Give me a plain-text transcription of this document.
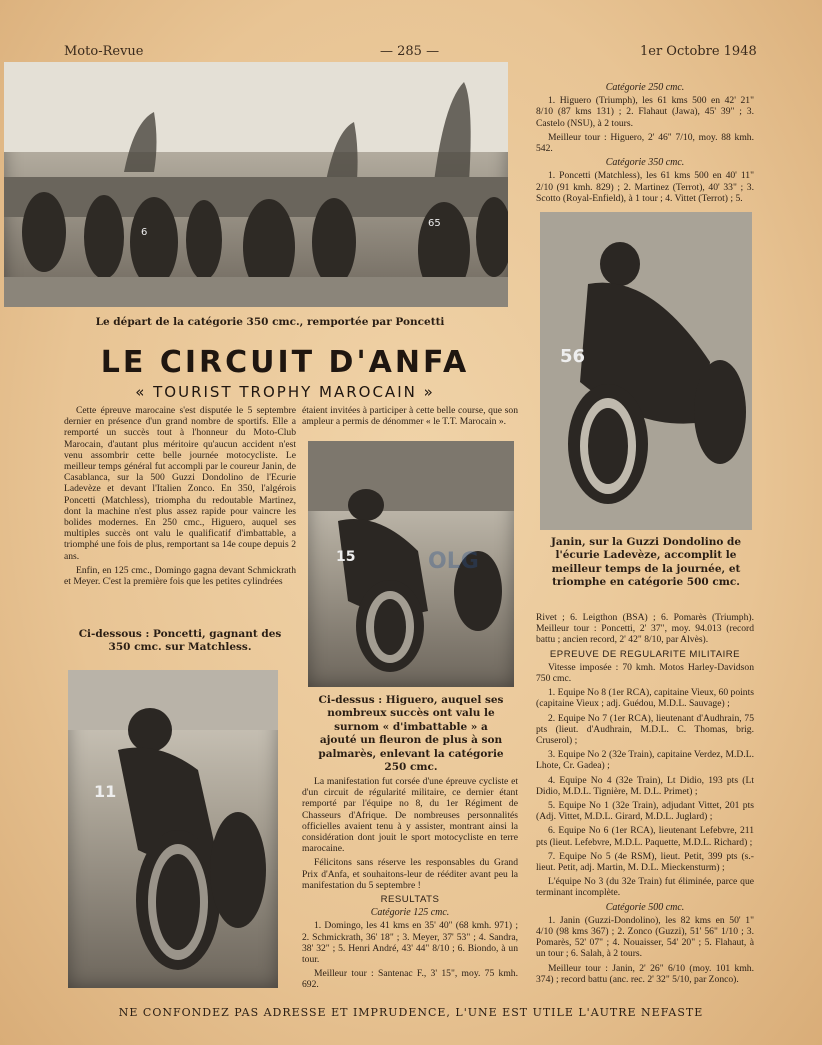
Moto-Revue	— 285 —	1er Octobre 1948
6
65
Le départ de la catégorie 350 cmc., remportée par Poncetti
LE CIRCUIT D'ANFA
« TOURIST TROPHY MAROCAIN »

Cette épreuve marocaine s'est disputée le 5 septembre dernier en présence d'un grand nombre de sportifs. Elle a remporté un succès tout à l'honneur du Moto-Club Marocain, d'autant plus méritoire qu'aucun accident n'est venu assombrir cette belle journée motocycliste. Le meilleur temps général fut accompli par le coureur Janin, de Casablanca, sur la 500 Guzzi Dondolino de l'Ecurie Ladevèze et devant l'Italien Zonco. En 350, l'algérois Poncetti (Matchless), triompha du redoutable Martinez, dont la machine n'est plus assez rapide pour vaincre les bolides modernes. En 250 cmc., Higuero, auquel ses multiples succès ont valu le qualificatif d'imbattable, a triomphé une fois de plus, remportant sa 14e coupe depuis 2 ans.

Enfin, en 125 cmc., Domingo gagna devant Schmickrath et Meyer. C'est la première fois que les petites cylindrées

Ci-dessous : Poncetti, gagnant des 350 cmc. sur Matchless.
11

étaient invitées à participer à cette belle course, que son ampleur a permis de dénommer « le T.T. Marocain ».

15	OLG
Ci-dessus : Higuero, auquel ses nombreux succès ont valu le surnom « d'imbattable » a ajouté un fleuron de plus à son palmarès, enlevant la catégorie 250 cmc.

La manifestation fut corsée d'une épreuve cycliste et d'un circuit de régularité militaire, ce dernier étant remporté par l'équipe no 8, du 1er Régiment de Chasseurs d'Afrique. De nombreuses personnalités officielles avaient tenu à y assister, montrant ainsi la considération dont jouit le sport motocycliste en terre marocaine.

Félicitons sans réserve les responsables du Grand Prix d'Anfa, et souhaitons-leur de rééditer avant peu la manifestation du 5 septembre !

RESULTATS
Catégorie 125 cmc.

1. Domingo, les 41 kms en 35' 40" (68 kmh. 971) ; 2. Schmickrath, 36' 18" ; 3. Meyer, 37' 53" ; 4. Sandra, 38' 32" ; 5. Henri André, 43' 44" 8/10 ; 6. Biondo, à un tour.

Meilleur tour : Santenac F., 3' 15", moy. 75 kmh. 692.

Catégorie 250 cmc.

1. Higuero (Triumph), les 61 kms 500 en 42' 21" 8/10 (87 kms 131) ; 2. Flahaut (Jawa), 45' 39" ; 3. Castelo (NSU), à 2 tours.

Meilleur tour : Higuero, 2' 46" 7/10, moy. 88 kmh. 542.

Catégorie 350 cmc.

1. Poncetti (Matchless), les 61 kms 500 en 40' 11" 2/10 (91 kmh. 829) ; 2. Martinez (Terrot), 40' 33" ; 3. Scotto (Royal-Enfield), à 1 tour ; 4. Vittet (Terrot) ; 5.

56
Janin, sur la Guzzi Dondolino de l'écurie Ladevèze, accomplit le meilleur temps de la journée, et triomphe en catégorie 500 cmc.

Rivet ; 6. Leigthon (BSA) ; 6. Pomarès (Triumph). Meilleur tour : Poncetti, 2' 37", moy. 94.013 (record battu ; ancien record, 2' 42" 8/10, par Alvès).

EPREUVE DE REGULARITE MILITAIRE

Vitesse imposée : 70 kmh. Motos Harley-Davidson 750 cmc.

1. Equipe No 8 (1er RCA), capitaine Vieux, 60 points (capitaine Vieux ; adj. Guédou, M.D.L. Sauvage) ;

2. Equipe No 7 (1er RCA), lieutenant d'Audhrain, 75 pts (lieut. d'Audhrain, M.D.L. C. Thomas, brig. Cruserol) ;

3. Equipe No 2 (32e Train), capitaine Verdez, M.D.L. Lhote, Cr. Gadea) ;

4. Equipe No 4 (32e Train), Lt Didio, 193 pts (Lt Didio, M.D.L. Tignière, M. D.L. Primet) ;

5. Equipe No 1 (32e Train), adjudant Vittet, 201 pts (Adj. Vittet, M.D.L. Girard, M.D.L. Juglard) ;

6. Equipe No 6 (1er RCA), lieutenant Lefebvre, 211 pts (lieut. Lefebvre, M.D.L. Paquette, M.D.L. Richard) ;

7. Equipe No 5 (4e RSM), lieut. Petit, 399 pts (s.-lieut. Petit, adj. Martin, M. D.L. Mieckensturm) ;

L'équipe No 3 (du 32e Train) fut éliminée, parce que terminant incomplète.

Catégorie 500 cmc.

1. Janin (Guzzi-Dondolino), les 82 kms en 50' 1" 4/10 (98 kms 367) ; 2. Zonco (Guzzi), 51' 56" 1/10 ; 3. Pomarès, 52' 07" ; 4. Nouaisser, 54' 20" ; 5. Flahaut, à un tour ; 6. Salah, à 2 tours.

Meilleur tour : Janin, 2' 26" 6/10 (moy. 101 kmh. 374) ; record battu (anc. rec. 2' 32" 5/10, par Zonco).

NE CONFONDEZ PAS ADRESSE ET IMPRUDENCE, L'UNE EST UTILE L'AUTRE NEFASTE
